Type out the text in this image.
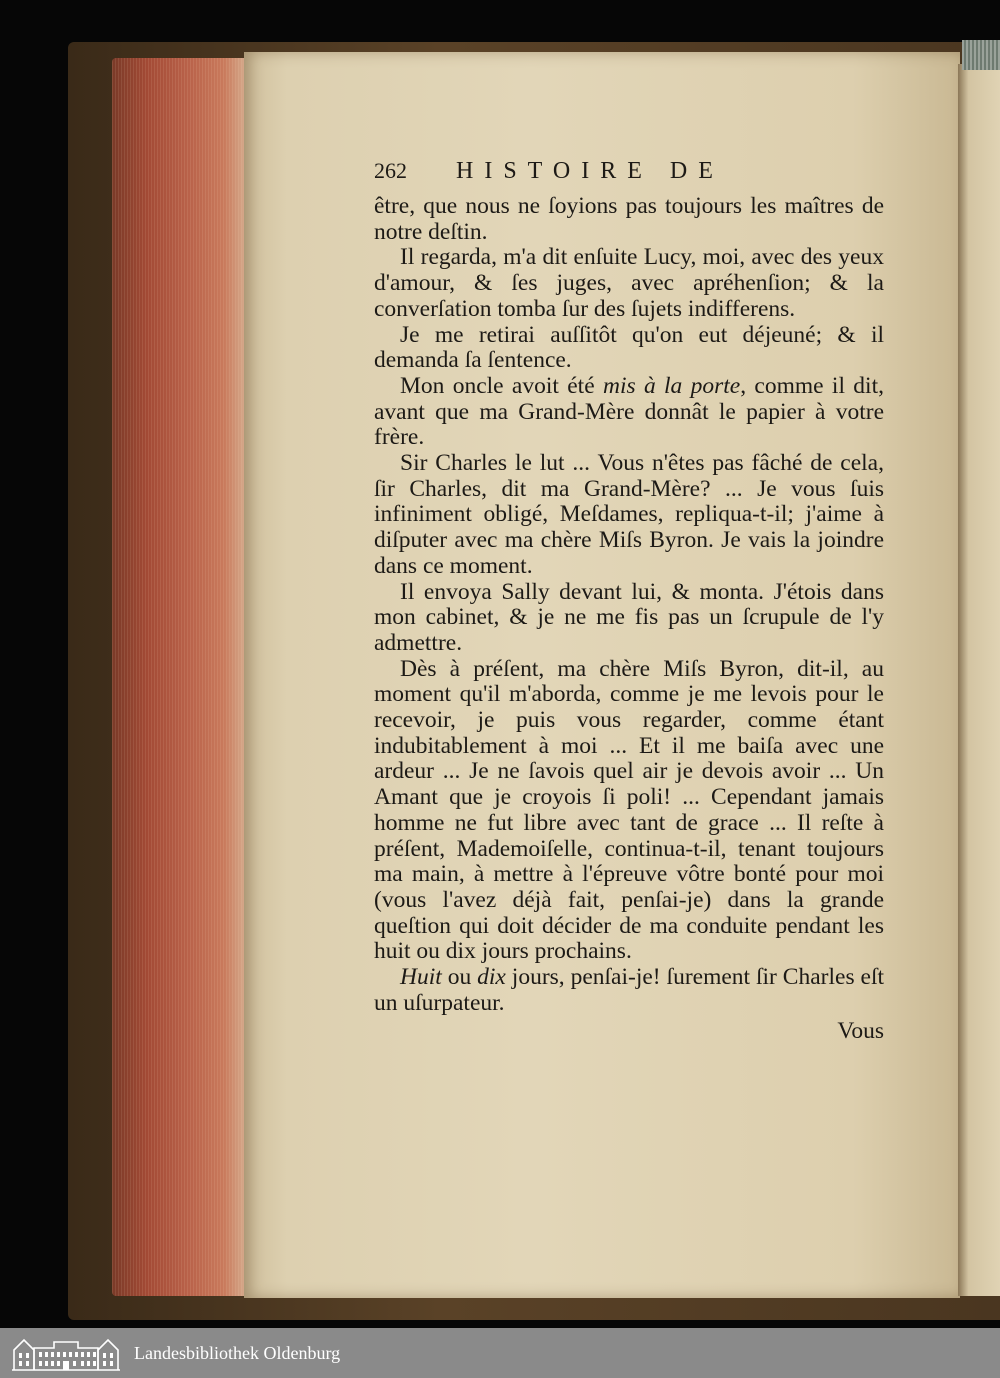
262	HISTOIRE DE

être, que nous ne ſoyions pas toujours les maîtres de notre deſtin.

Il regarda, m'a dit enſuite Lucy, moi, avec des yeux d'amour, & ſes juges, avec apréhenſion; & la converſation tomba ſur des ſujets indifferens.

Je me retirai auſſitôt qu'on eut déjeuné; & il demanda ſa ſentence.

Mon oncle avoit été mis à la porte, comme il dit, avant que ma Grand-Mère donnât le papier à votre frère.

Sir Charles le lut ... Vous n'êtes pas fâché de cela, ſir Charles, dit ma Grand-Mère? ... Je vous ſuis infiniment obligé, Meſdames, repliqua-t-il; j'aime à diſputer avec ma chère Miſs Byron. Je vais la joindre dans ce moment.

Il envoya Sally devant lui, & monta. J'étois dans mon cabinet, & je ne me fis pas un ſcrupule de l'y admettre.

Dès à préſent, ma chère Miſs Byron, dit-il, au moment qu'il m'aborda, comme je me levois pour le recevoir, je puis vous regarder, comme étant indubitablement à moi ... Et il me baiſa avec une ardeur ... Je ne ſavois quel air je devois avoir ... Un Amant que je croyois ſi poli! ... Cependant jamais homme ne fut libre avec tant de grace ... Il reſte à préſent, Mademoiſelle, continua-t-il, tenant toujours ma main, à mettre à l'épreuve vôtre bonté pour moi (vous l'avez déjà fait, penſai-je) dans la grande queſtion qui doit décider de ma conduite pendant les huit ou dix jours prochains.

Huit ou dix jours, penſai-je! ſurement ſir Charles eſt un uſurpateur.

Vous
Landesbibliothek Oldenburg
